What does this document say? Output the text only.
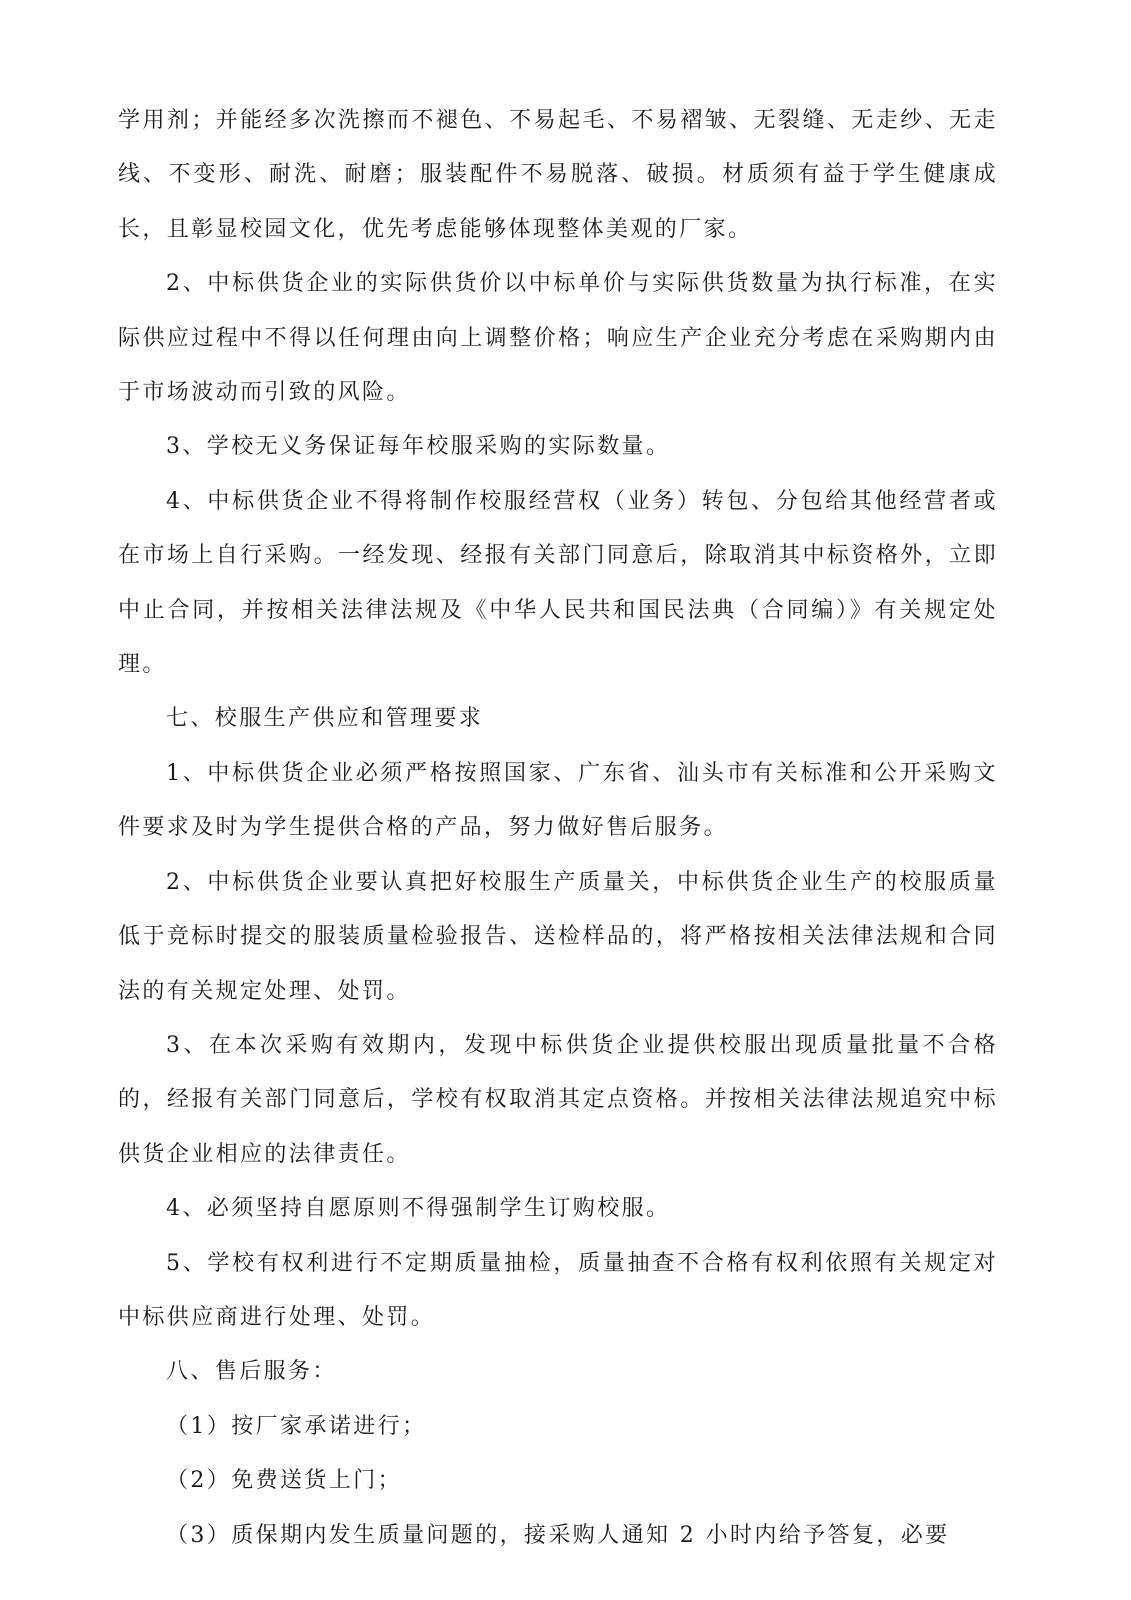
学用剂；并能经多次洗擦而不褪色、不易起毛、不易褶皱、无裂缝、无走纱、无走线、不变形、耐洗、耐磨；服装配件不易脱落、破损。材质须有益于学生健康成长，且彰显校园文化，优先考虑能够体现整体美观的厂家。

2、中标供货企业的实际供货价以中标单价与实际供货数量为执行标准，在实际供应过程中不得以任何理由向上调整价格；响应生产企业充分考虑在采购期内由于市场波动而引致的风险。

3、学校无义务保证每年校服采购的实际数量。

4、中标供货企业不得将制作校服经营权（业务）转包、分包给其他经营者或在市场上自行采购。一经发现、经报有关部门同意后，除取消其中标资格外，立即中止合同，并按相关法律法规及《中华人民共和国民法典（合同编）》有关规定处理。

七、校服生产供应和管理要求

1、中标供货企业必须严格按照国家、广东省、汕头市有关标准和公开采购文件要求及时为学生提供合格的产品，努力做好售后服务。

2、中标供货企业要认真把好校服生产质量关，中标供货企业生产的校服质量低于竞标时提交的服装质量检验报告、送检样品的，将严格按相关法律法规和合同法的有关规定处理、处罚。

3、在本次采购有效期内，发现中标供货企业提供校服出现质量批量不合格的，经报有关部门同意后，学校有权取消其定点资格。并按相关法律法规追究中标供货企业相应的法律责任。

4、必须坚持自愿原则不得强制学生订购校服。

5、学校有权利进行不定期质量抽检，质量抽查不合格有权利依照有关规定对中标供应商进行处理、处罚。

八、售后服务：

（1）按厂家承诺进行；

（2）免费送货上门；

（3）质保期内发生质量问题的，接采购人通知 2 小时内给予答复，必要
